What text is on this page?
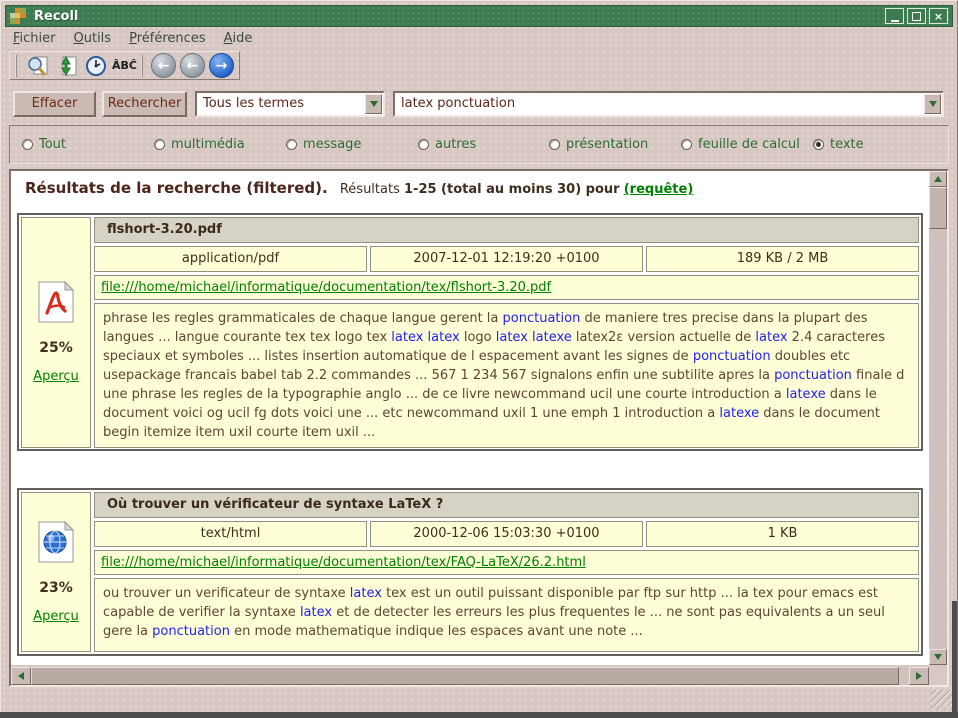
Recoll	×
Fichier Outils Préférences Aide
ÂBĈ	←	←	→
Effacer	Rechercher	Tous les termes	latex ponctuation
Tout	multimédia	message	autres	présentation	feuille de calcul texte
Résultats de la recherche (filtered). Résultats 1-25 (total au moins 30) pour (requête)
25%
Aperçu
flshort-3.20.pdf
application/pdf	2007-12-01 12:19:20 +0100	189 KB / 2 MB
file:///home/michael/informatique/documentation/tex/flshort-3.20.pdf
phrase les regles grammaticales de chaque langue gerent la ponctuation de maniere tres precise dans la plupart des langues ... langue courante tex tex logo tex latex latex logo latex latexe latex2ε version actuelle de latex 2.4 caracteres speciaux et symboles ... listes insertion automatique de l espacement avant les signes de ponctuation doubles etc usepackage francais babel tab 2.2 commandes ... 567 1 234 567 signalons enfin une subtilite apres la ponctuation finale d une phrase les regles de la typographie anglo ... de ce livre newcommand ucil une courte introduction a latexe dans le document voici og ucil fg dots voici une ... etc newcommand uxil 1 une emph 1 introduction a latexe dans le document begin itemize item uxil courte item uxil ...
23%
Aperçu
Où trouver un vérificateur de syntaxe LaTeX ?
text/html	2000-12-06 15:03:30 +0100	1 KB
file:///home/michael/informatique/documentation/tex/FAQ-LaTeX/26.2.html
ou trouver un verificateur de syntaxe latex tex est un outil puissant disponible par ftp sur http ... la tex pour emacs est capable de verifier la syntaxe latex et de detecter les erreurs les plus frequentes le ... ne sont pas equivalents a un seul gere la ponctuation en mode mathematique indique les espaces avant une note ...
